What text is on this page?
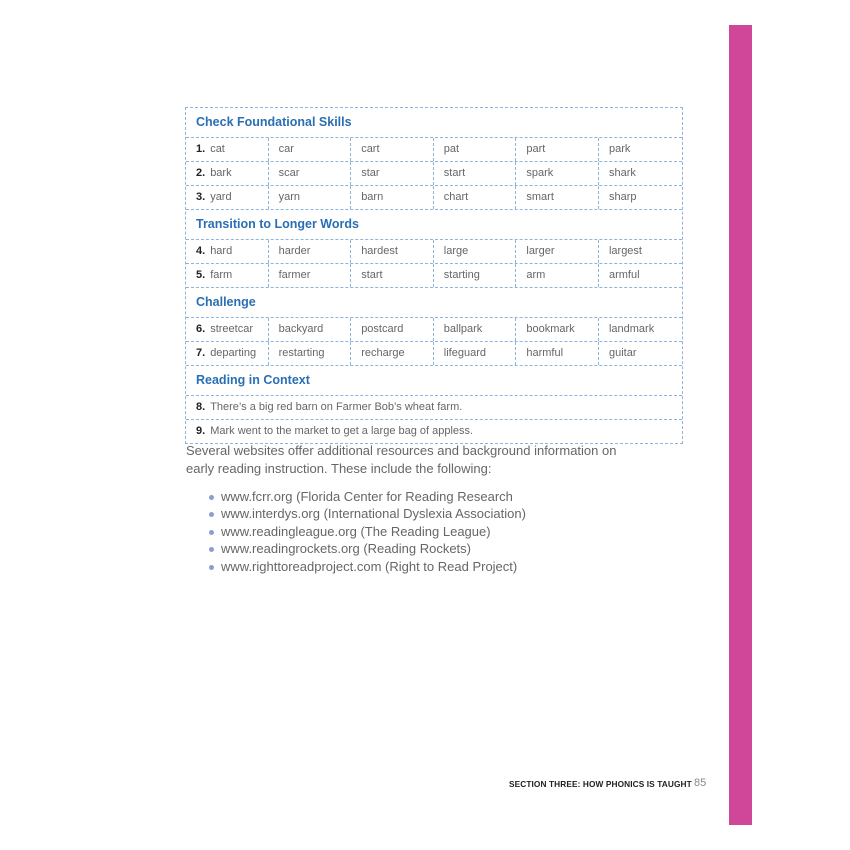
Check Foundational Skills
1. cat	car	cart	pat	part	park
2. bark	scar	star	start	spark	shark
3. yard	yarn	barn	chart	smart	sharp
Transition to Longer Words
4. hard	harder	hardest	large	larger	largest
5. farm	farmer	start	starting	arm	armful
Challenge
6. streetcar	backyard	postcard	ballpark	bookmark	landmark
7. departing	restarting	recharge	lifeguard	harmful	guitar
Reading in Context
8. There’s a big red barn on Farmer Bob’s wheat farm.
9. Mark went to the market to get a large bag of appless.

Several websites offer additional resources and background information on early reading instruction. These include the following:

www.fcrr.org (Florida Center for Reading Research
www.interdys.org (International Dyslexia Association)
www.readingleague.org (The Reading League)
www.readingrockets.org (Reading Rockets)
www.righttoreadproject.com (Right to Read Project)
SECTION THREE: HOW PHONICS IS TAUGHT 85
